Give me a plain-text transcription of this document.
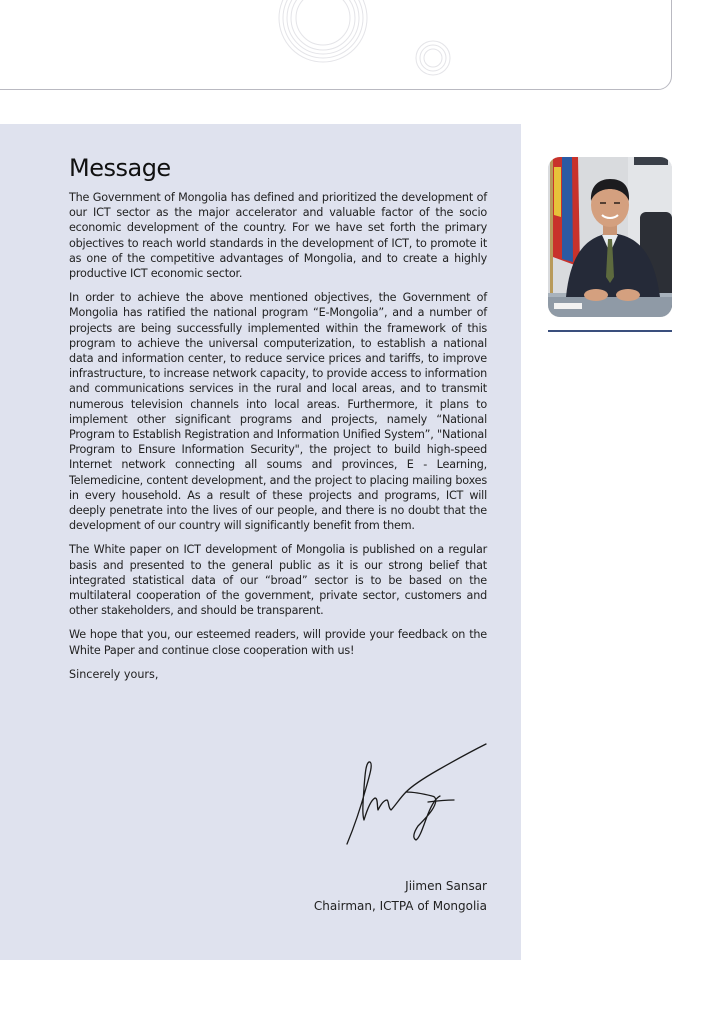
Message

The Government of Mongolia has defined and prioritized the development of our ICT sector as the major accelerator and valuable factor of the socio economic development of the country. For we have set forth the primary objectives to reach world standards in the development of ICT, to promote it as one of the competitive advantages of Mongolia, and to create a highly productive ICT economic sector.

In order to achieve the above mentioned objectives, the Government of Mongolia has ratified the national program “E-Mongolia”, and a number of projects are being successfully implemented within the framework of this program to achieve the universal computerization, to establish a national data and information center, to reduce service prices and tariffs, to improve infrastructure, to increase network capacity, to provide access to information and communications services in the rural and local areas, and to transmit numerous television channels into local areas. Furthermore, it plans to implement other significant programs and projects, namely “National Program to Establish Registration and Information Unified System”, "National Program to Ensure Information Security", the project to build high-speed Internet network connecting all soums and provinces, E - Learning, Telemedicine, content development, and the project to placing mailing boxes in every household. As a result of these projects and programs, ICT will deeply penetrate into the lives of our people, and there is no doubt that the development of our country will significantly benefit from them.

The White paper on ICT development of Mongolia is published on a regular basis and presented to the general public as it is our strong belief that integrated statistical data of our “broad” sector is to be based on the multilateral cooperation of the government, private sector, customers and other stakeholders, and should be transparent.

We hope that you, our esteemed readers, will provide your feedback on the White Paper and continue close cooperation with us!

Sincerely yours,

Jiimen Sansar
Chairman, ICTPA of Mongolia
